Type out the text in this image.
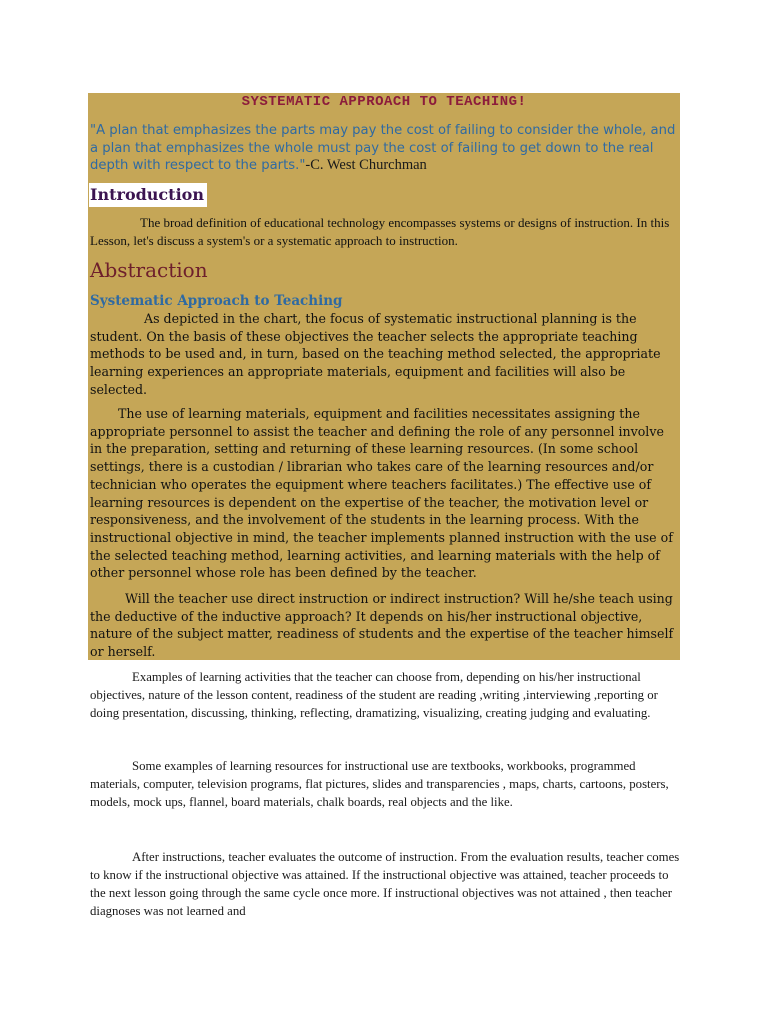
SYSTEMATIC APPROACH TO TEACHING!

"A plan that emphasizes the parts may pay the cost of failing to consider the whole, and a plan that emphasizes the whole must pay the cost of failing to get down to the real depth with respect to the parts."-C. West Churchman

Introduction

The broad definition of educational technology encompasses systems or designs of instruction. In this Lesson, let's discuss a system's or a systematic approach to instruction.

Abstraction
Systematic Approach to Teaching

As depicted in the chart, the focus of systematic instructional planning is the student. On the basis of these objectives the teacher selects the appropriate teaching methods to be used and, in turn, based on the teaching method selected, the appropriate learning experiences an appropriate materials, equipment and facilities will also be selected.

The use of learning materials, equipment and facilities necessitates assigning the appropriate personnel to assist the teacher and defining the role of any personnel involve in the preparation, setting and returning of these learning resources. (In some school settings, there is a custodian / librarian who takes care of the learning resources and/or technician who operates the equipment where teachers facilitates.) The effective use of learning resources is dependent on the expertise of the teacher, the motivation level or responsiveness, and the involvement of the students in the learning process. With the instructional objective in mind, the teacher implements planned instruction with the use of the selected teaching method, learning activities, and learning materials with the help of other personnel whose role has been defined by the teacher.

Will the teacher use direct instruction or indirect instruction? Will he/she teach using the deductive of the inductive approach? It depends on his/her instructional objective, nature of the subject matter, readiness of students and the expertise of the teacher himself or herself.

Examples of learning activities that the teacher can choose from, depending on his/her instructional objectives, nature of the lesson content, readiness of the student are reading ,writing ,interviewing ,reporting or doing presentation, discussing, thinking, reflecting, dramatizing, visualizing, creating judging and evaluating.

Some examples of learning resources for instructional use are textbooks, workbooks, programmed materials, computer, television programs, flat pictures, slides and transparencies , maps, charts, cartoons, posters, models, mock ups, flannel, board materials, chalk boards, real objects and the like.

After instructions, teacher evaluates the outcome of instruction. From the evaluation results, teacher comes to know if the instructional objective was attained. If the instructional objective was attained, teacher proceeds to the next lesson going through the same cycle once more. If instructional objectives was not attained , then teacher diagnoses was not learned and
